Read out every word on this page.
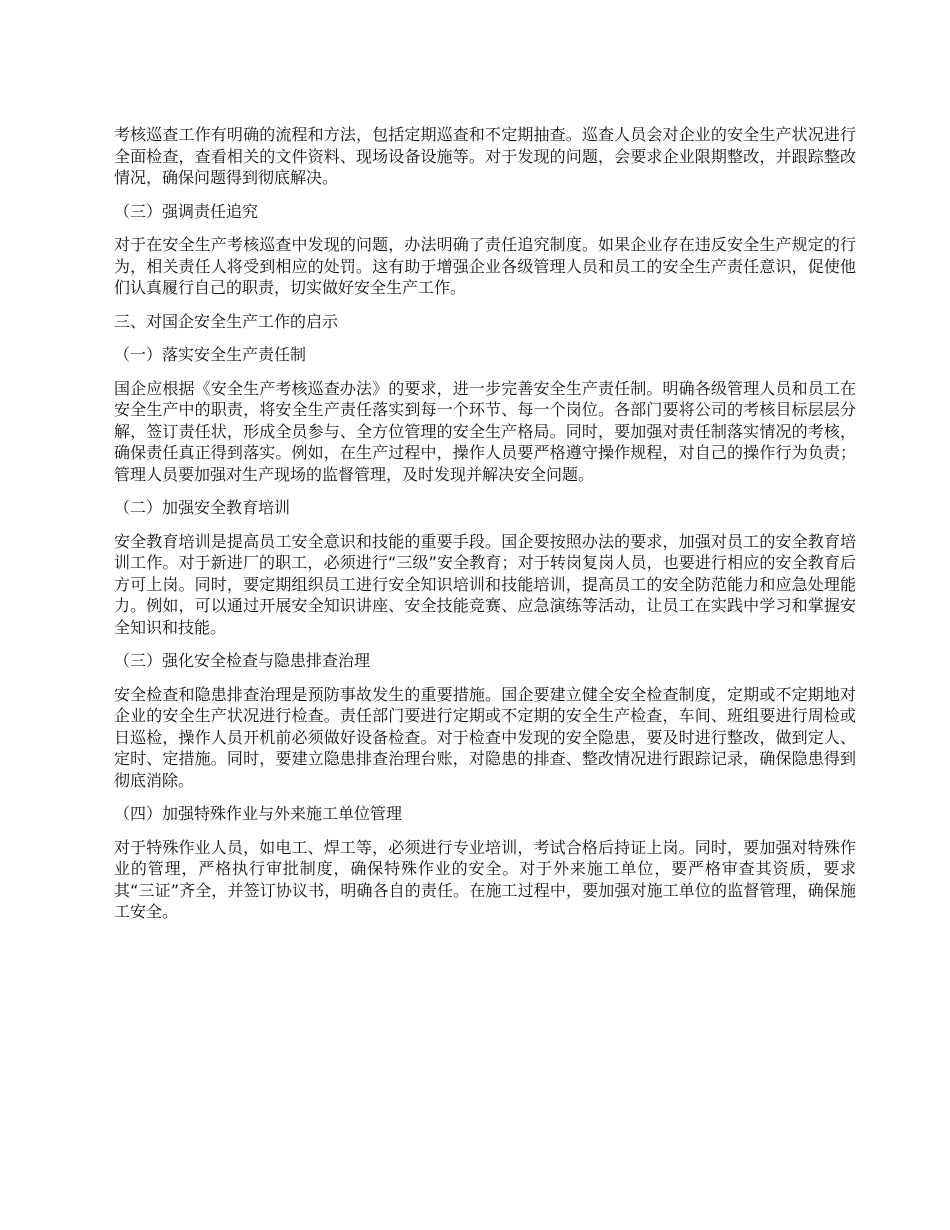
考核巡查工作有明确的流程和方法，包括定期巡查和不定期抽查。巡查人员会对企业的安全生产状况进行全面检查，查看相关的文件资料、现场设备设施等。对于发现的问题，会要求企业限期整改，并跟踪整改情况，确保问题得到彻底解决。

（三）强调责任追究

对于在安全生产考核巡查中发现的问题，办法明确了责任追究制度。如果企业存在违反安全生产规定的行为，相关责任人将受到相应的处罚。这有助于增强企业各级管理人员和员工的安全生产责任意识，促使他们认真履行自己的职责，切实做好安全生产工作。

三、对国企安全生产工作的启示

（一）落实安全生产责任制

国企应根据《安全生产考核巡查办法》的要求，进一步完善安全生产责任制。明确各级管理人员和员工在安全生产中的职责，将安全生产责任落实到每一个环节、每一个岗位。各部门要将公司的考核目标层层分解，签订责任状，形成全员参与、全方位管理的安全生产格局。同时，要加强对责任制落实情况的考核，确保责任真正得到落实。例如，在生产过程中，操作人员要严格遵守操作规程，对自己的操作行为负责；管理人员要加强对生产现场的监督管理，及时发现并解决安全问题。

（二）加强安全教育培训

安全教育培训是提高员工安全意识和技能的重要手段。国企要按照办法的要求，加强对员工的安全教育培训工作。对于新进厂的职工，必须进行“三级”安全教育；对于转岗复岗人员，也要进行相应的安全教育后方可上岗。同时，要定期组织员工进行安全知识培训和技能培训，提高员工的安全防范能力和应急处理能力。例如，可以通过开展安全知识讲座、安全技能竞赛、应急演练等活动，让员工在实践中学习和掌握安全知识和技能。

（三）强化安全检查与隐患排查治理

安全检查和隐患排查治理是预防事故发生的重要措施。国企要建立健全安全检查制度，定期或不定期地对企业的安全生产状况进行检查。责任部门要进行定期或不定期的安全生产检查，车间、班组要进行周检或日巡检，操作人员开机前必须做好设备检查。对于检查中发现的安全隐患，要及时进行整改，做到定人、定时、定措施。同时，要建立隐患排查治理台账，对隐患的排查、整改情况进行跟踪记录，确保隐患得到彻底消除。

（四）加强特殊作业与外来施工单位管理

对于特殊作业人员，如电工、焊工等，必须进行专业培训，考试合格后持证上岗。同时，要加强对特殊作业的管理，严格执行审批制度，确保特殊作业的安全。对于外来施工单位，要严格审查其资质，要求其“三证”齐全，并签订协议书，明确各自的责任。在施工过程中，要加强对施工单位的监督管理，确保施工安全。
